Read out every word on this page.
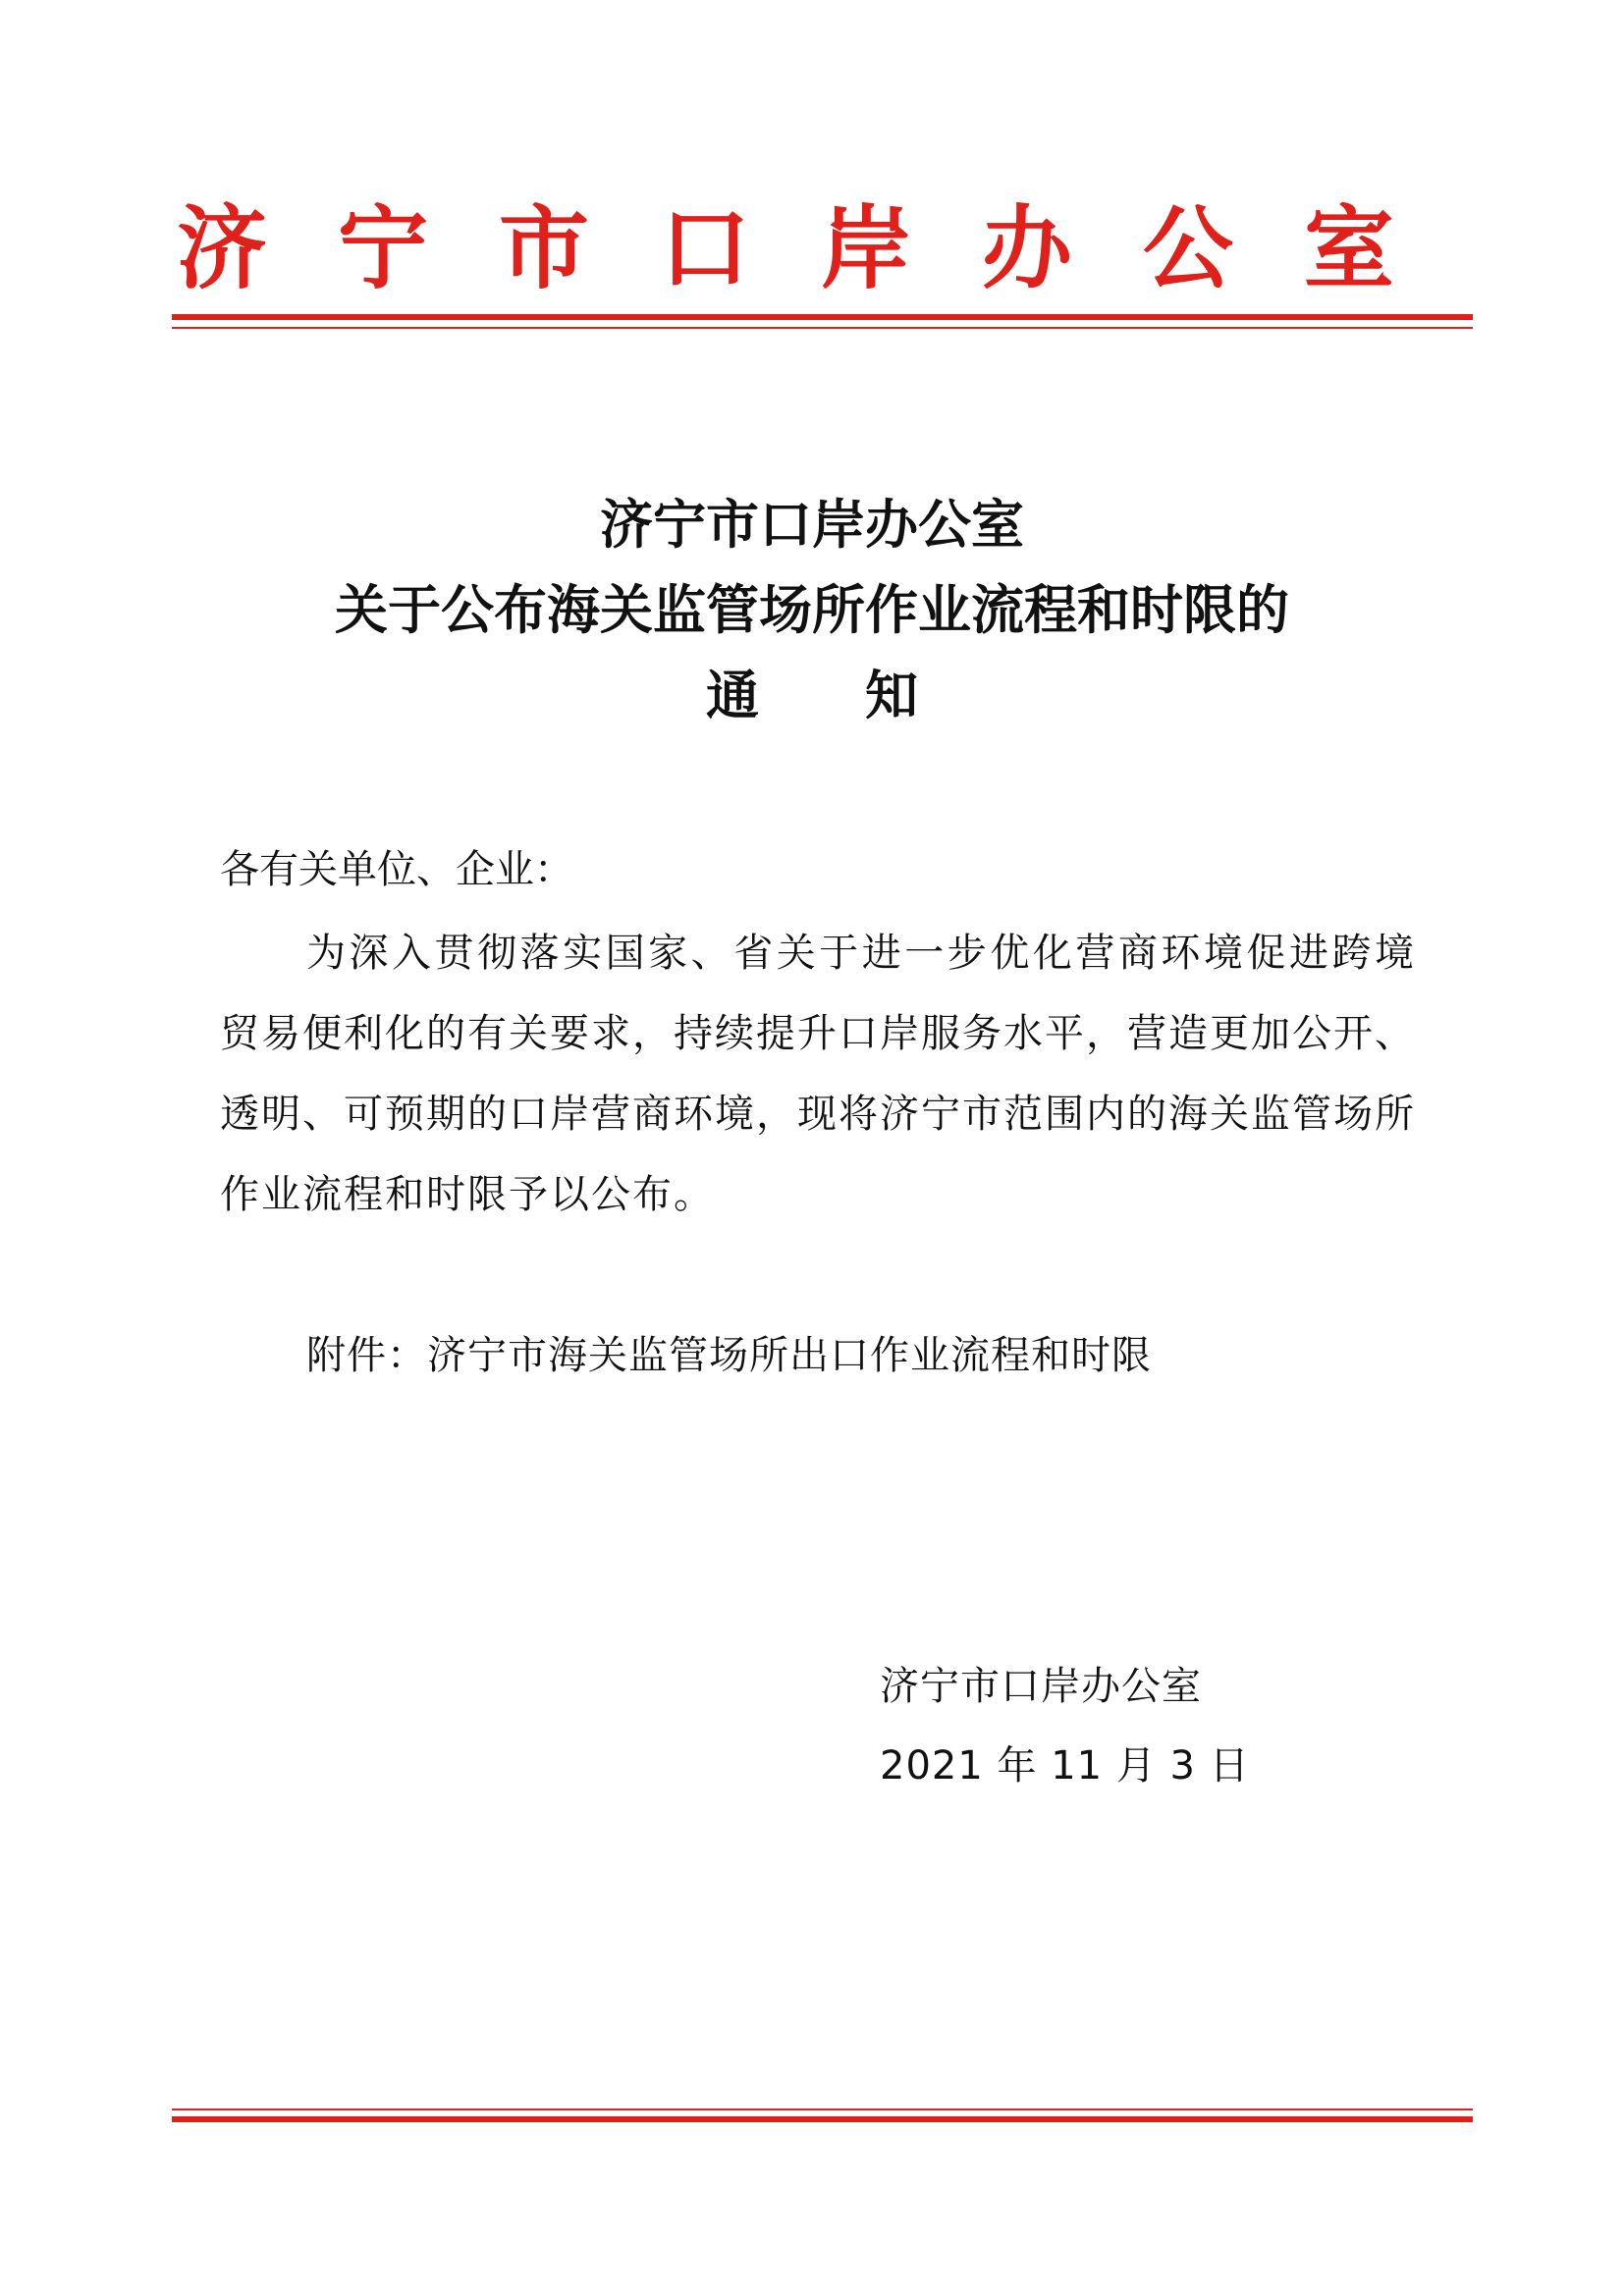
济 宁 市 口 岸 办 公 室
济宁市口岸办公室
关于公布海关监管场所作业流程和时限的
通　　知
各有关单位、企业：
为深入贯彻落实国家、省关于进一步优化营商环境促进跨境贸易便利化的有关要求，持续提升口岸服务水平，营造更加公开、透明、可预期的口岸营商环境，现将济宁市范围内的海关监管场所作业流程和时限予以公布。
附件：济宁市海关监管场所出口作业流程和时限
济宁市口岸办公室
2021 年 11 月 3 日
